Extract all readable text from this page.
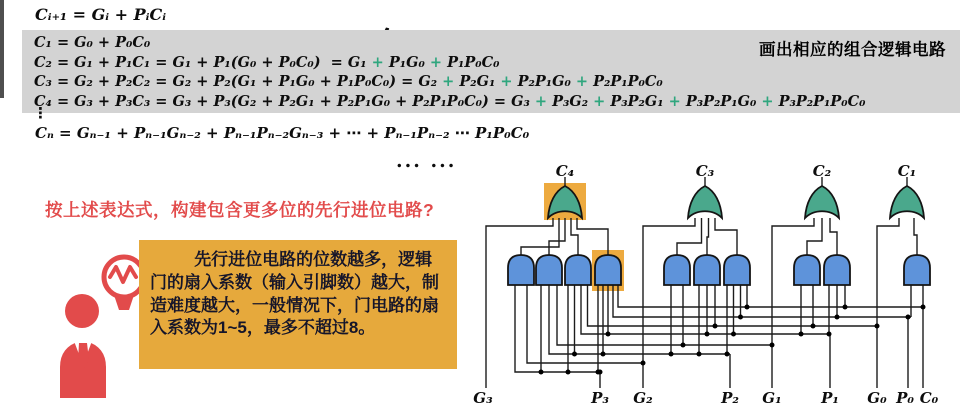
Cᵢ₊₁ = Gᵢ + PᵢCᵢ

C₁ = G₀ + P₀C₀
C₂ = G₁ + P₁C₁ = G₁ + P₁(G₀ + P₀C₀)  = G₁ + P₁G₀ + P₁P₀C₀
C₃ = G₂ + P₂C₂ = G₂ + P₂(G₁ + P₁G₀ + P₁P₀C₀) = G₂ + P₂G₁ + P₂P₁G₀ + P₂P₁P₀C₀
C₄ = G₃ + P₃C₃ = G₃ + P₃(G₂ + P₂G₁ + P₂P₁G₀ + P₂P₁P₀C₀) = G₃ + P₃G₂ + P₃P₂G₁ + P₃P₂P₁G₀ + P₃P₂P₁P₀C₀
画出相应的组合逻辑电路
⋮
Cₙ = Gₙ₋₁ + Pₙ₋₁Gₙ₋₂ + Pₙ₋₁Pₙ₋₂Gₙ₋₃ + ⋯ + Pₙ₋₁Pₙ₋₂ ⋯ P₁P₀C₀
... ...
按上述表达式，构建包含更多位的先行进位电路?

先行进位电路的位数越多，逻辑门的扇入系数（输入引脚数）越大，制造难度越大，一般情况下，门电路的扇入系数为1~5，最多不超过8。

C₄	C₃	C₂	C₁
G₃	P₃ G₂	P₂ G₁	P₁ G₀ P₀ C₀
